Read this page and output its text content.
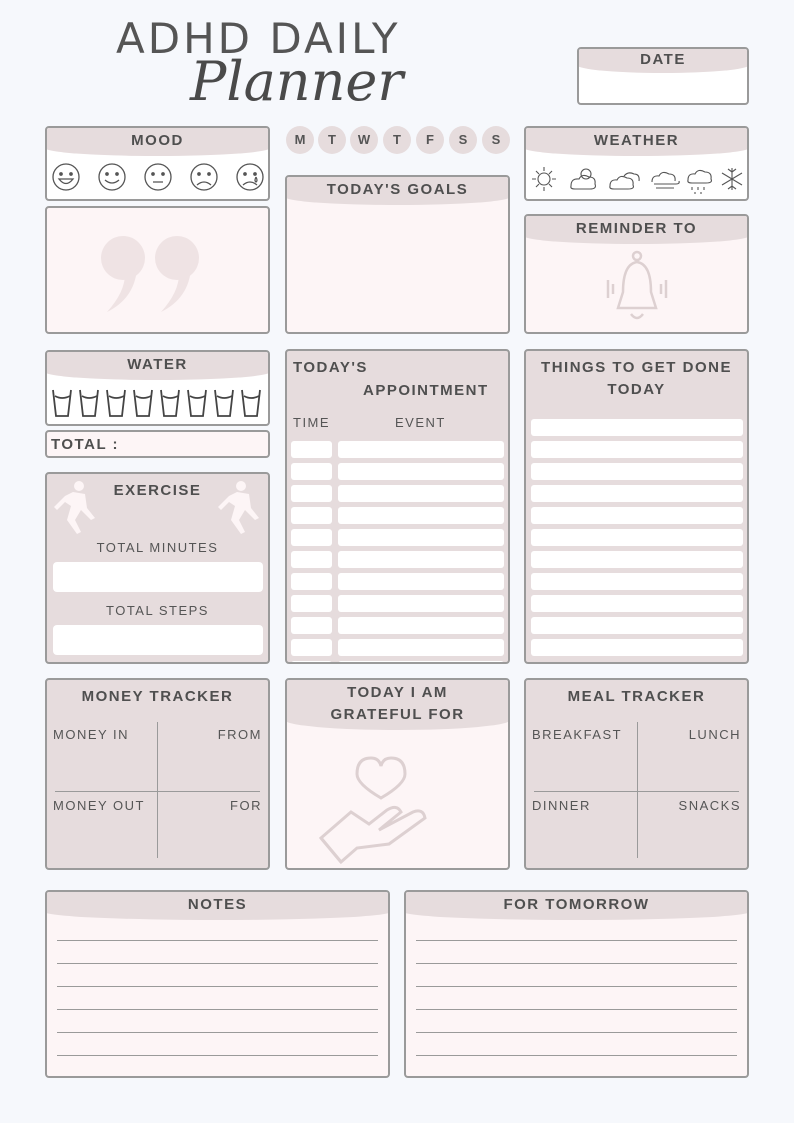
ADHD DAILY
Planner	DATE
MOOD	M	T	W	T	F	S	S
TODAY'S GOALS
WEATHER
REMINDER TO
WATER
TOTAL :
EXERCISE
TOTAL MINUTES
TOTAL STEPS
TODAY'S
APPOINTMENT
TIME	EVENT
THINGS TO GET DONE
TODAY
MONEY TRACKER
MONEY IN	FROM
MONEY OUT	FOR
TODAY I AM
GRATEFUL FOR
MEAL TRACKER
BREAKFAST	LUNCH
DINNER	SNACKS
NOTES	FOR TOMORROW
